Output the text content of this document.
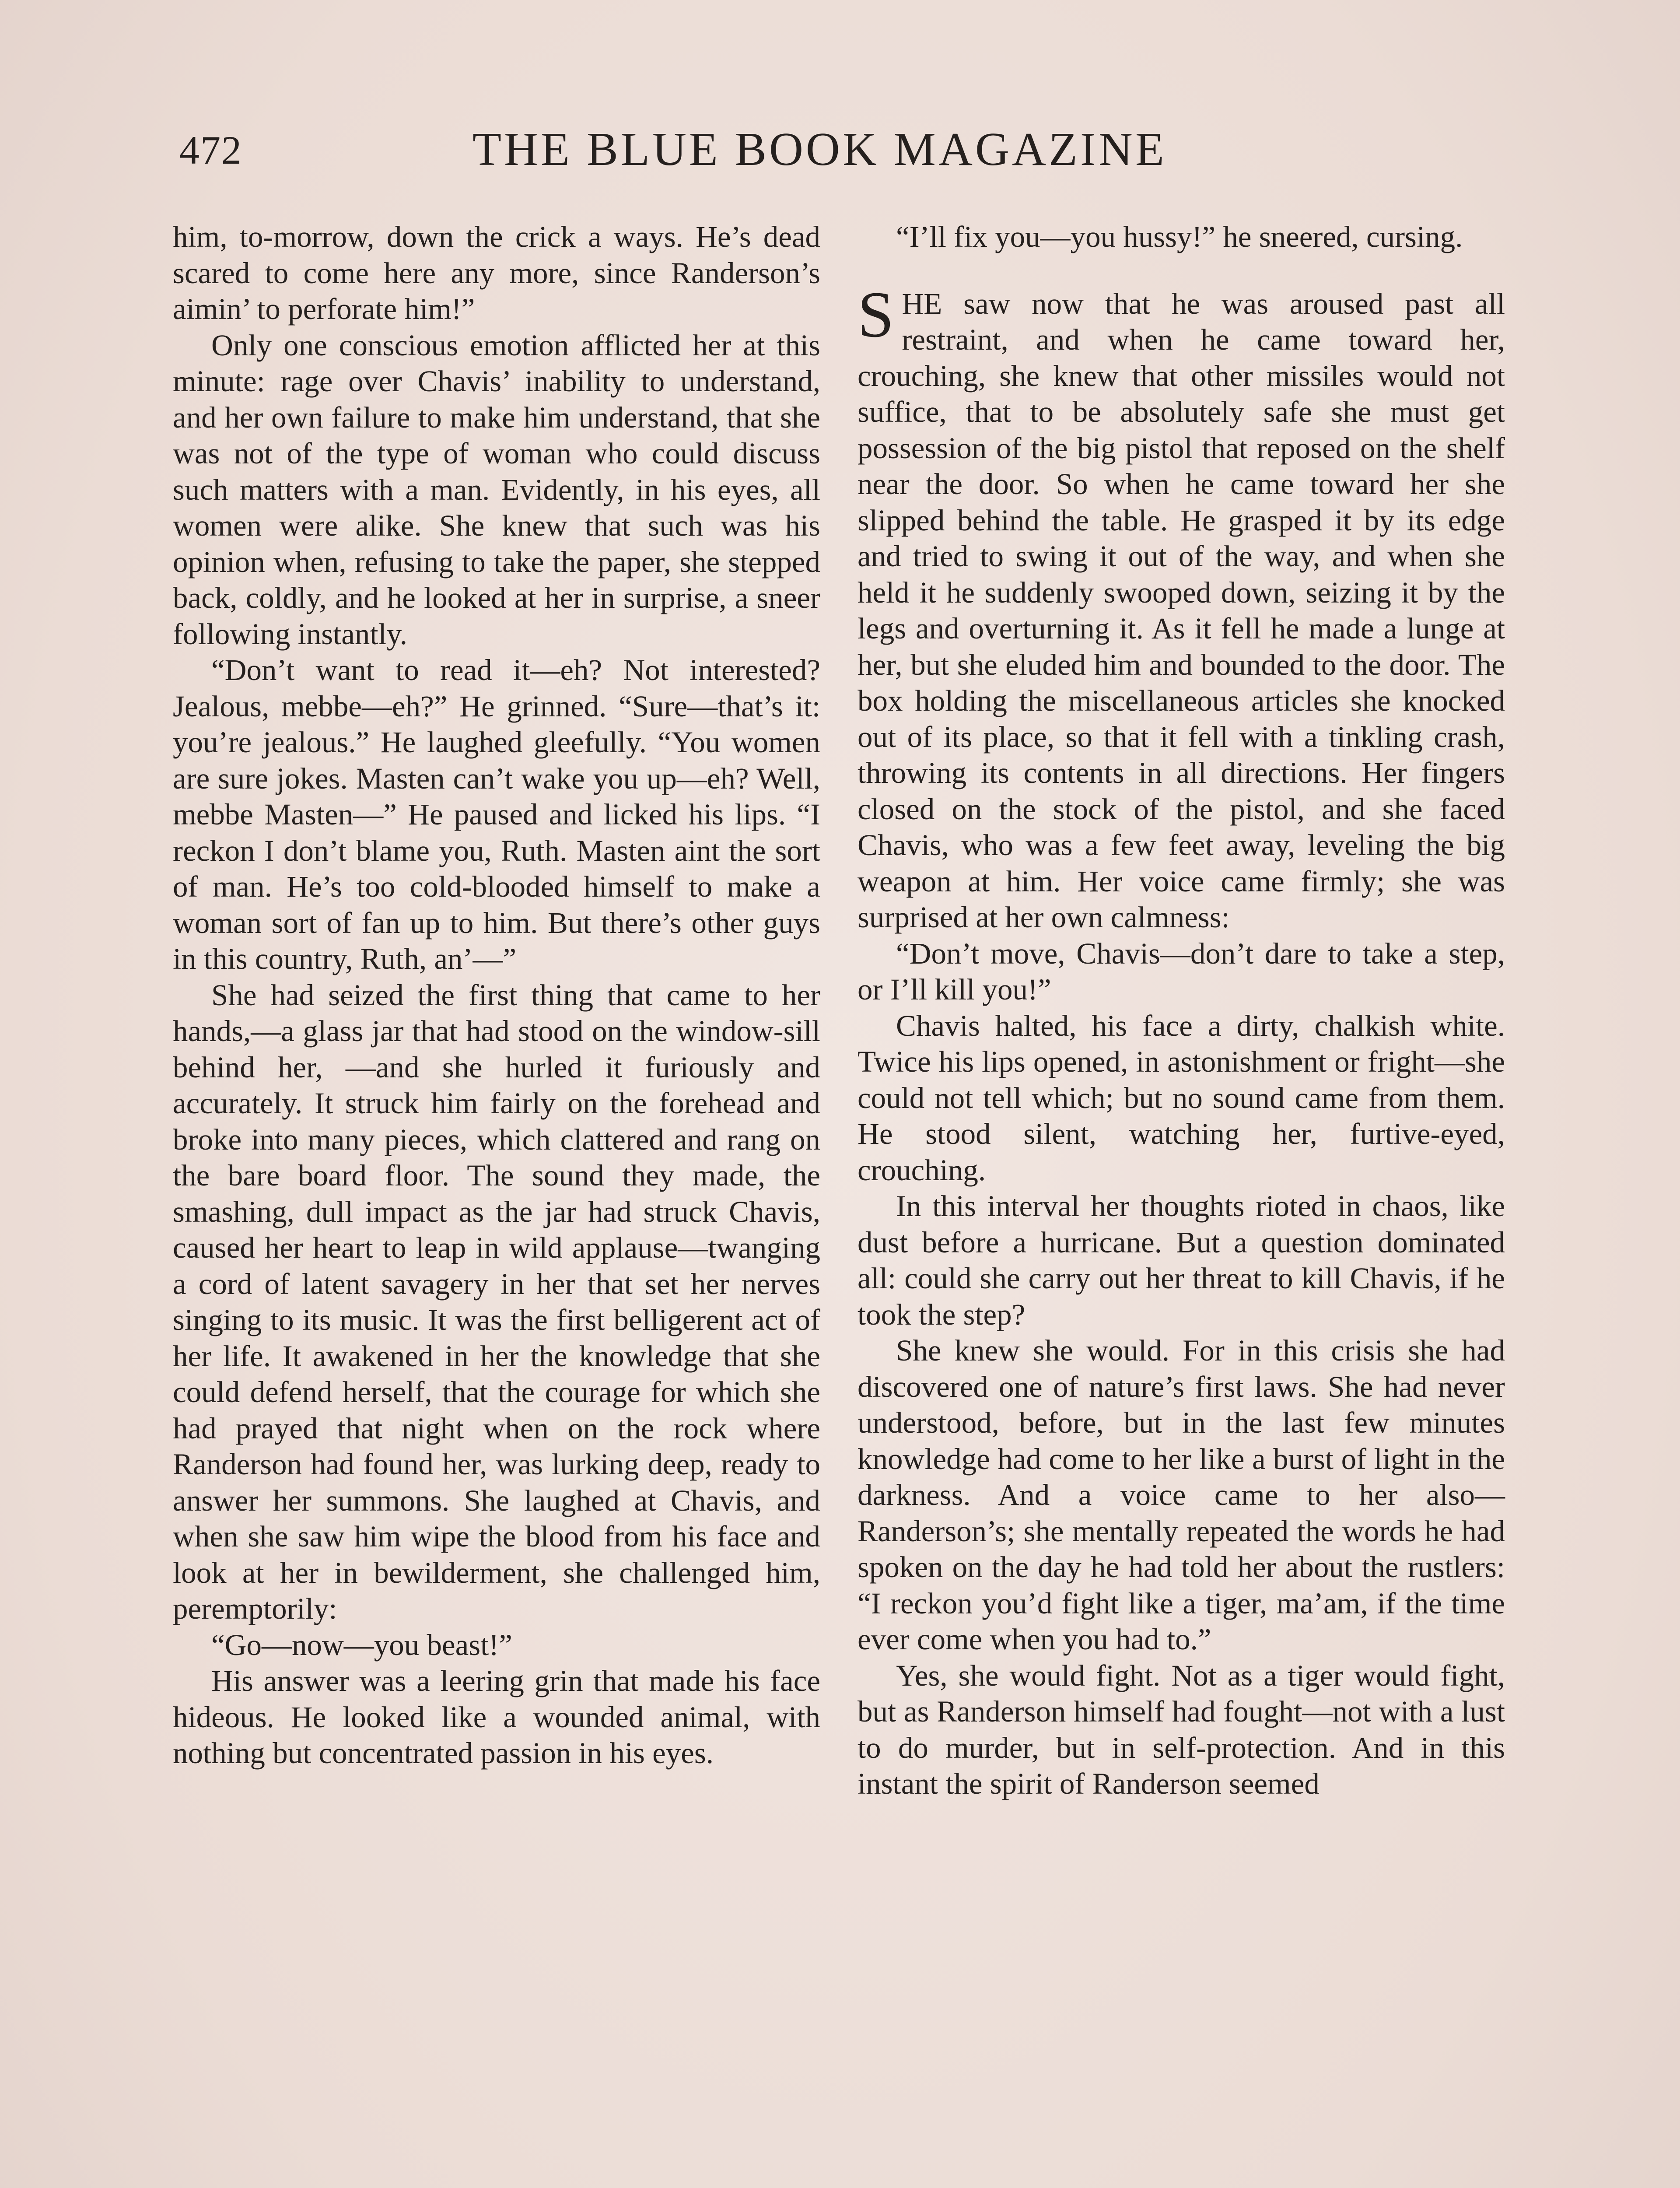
472	THE BLUE BOOK MAGAZINE

him, to-morrow, down the crick a ways. He’s dead scared to come here any more, since Randerson’s aimin’ to perforate him!”

Only one conscious emotion afflicted her at this minute: rage over Chavis’ inability to understand, and her own failure to make him understand, that she was not of the type of woman who could discuss such matters with a man. Evidently, in his eyes, all women were alike. She knew that such was his opinion when, refusing to take the paper, she stepped back, coldly, and he looked at her in surprise, a sneer following instantly.

“Don’t want to read it—eh? Not interested? Jealous, mebbe—eh?” He grinned. “Sure—that’s it: you’re jealous.” He laughed gleefully. “You women are sure jokes. Masten can’t wake you up—eh? Well, mebbe Masten—” He paused and licked his lips. “I reckon I don’t blame you, Ruth. Masten aint the sort of man. He’s too cold-blooded himself to make a woman sort of fan up to him. But there’s other guys in this country, Ruth, an’—”

She had seized the first thing that came to her hands,—a glass jar that had stood on the window-sill behind her, —and she hurled it furiously and accurately. It struck him fairly on the forehead and broke into many pieces, which clattered and rang on the bare board floor. The sound they made, the smashing, dull impact as the jar had struck Chavis, caused her heart to leap in wild applause—twanging a cord of latent savagery in her that set her nerves singing to its music. It was the first belligerent act of her life. It awakened in her the knowledge that she could defend herself, that the courage for which she had prayed that night when on the rock where Randerson had found her, was lurking deep, ready to answer her summons. She laughed at Chavis, and when she saw him wipe the blood from his face and look at her in bewilderment, she challenged him, peremptorily:

“Go—now—you beast!”

His answer was a leering grin that made his face hideous. He looked like a wounded animal, with nothing but concentrated passion in his eyes.

“I’ll fix you—you hussy!” he sneered, cursing.

SHE saw now that he was aroused past all restraint, and when he came toward her, crouching, she knew that other missiles would not suffice, that to be absolutely safe she must get possession of the big pistol that reposed on the shelf near the door. So when he came toward her she slipped behind the table. He grasped it by its edge and tried to swing it out of the way, and when she held it he suddenly swooped down, seizing it by the legs and overturning it. As it fell he made a lunge at her, but she eluded him and bounded to the door. The box holding the miscellaneous articles she knocked out of its place, so that it fell with a tinkling crash, throwing its contents in all directions. Her fingers closed on the stock of the pistol, and she faced Chavis, who was a few feet away, leveling the big weapon at him. Her voice came firmly; she was surprised at her own calmness:

“Don’t move, Chavis—don’t dare to take a step, or I’ll kill you!”

Chavis halted, his face a dirty, chalkish white. Twice his lips opened, in astonishment or fright—she could not tell which; but no sound came from them. He stood silent, watching her, furtive-eyed, crouching.

In this interval her thoughts rioted in chaos, like dust before a hurricane. But a question dominated all: could she carry out her threat to kill Chavis, if he took the step?

She knew she would. For in this crisis she had discovered one of nature’s first laws. She had never understood, before, but in the last few minutes knowledge had come to her like a burst of light in the darkness. And a voice came to her also—Randerson’s; she mentally repeated the words he had spoken on the day he had told her about the rustlers: “I reckon you’d fight like a tiger, ma’am, if the time ever come when you had to.”

Yes, she would fight. Not as a tiger would fight, but as Randerson himself had fought—not with a lust to do murder, but in self-protection. And in this instant the spirit of Randerson seemed
